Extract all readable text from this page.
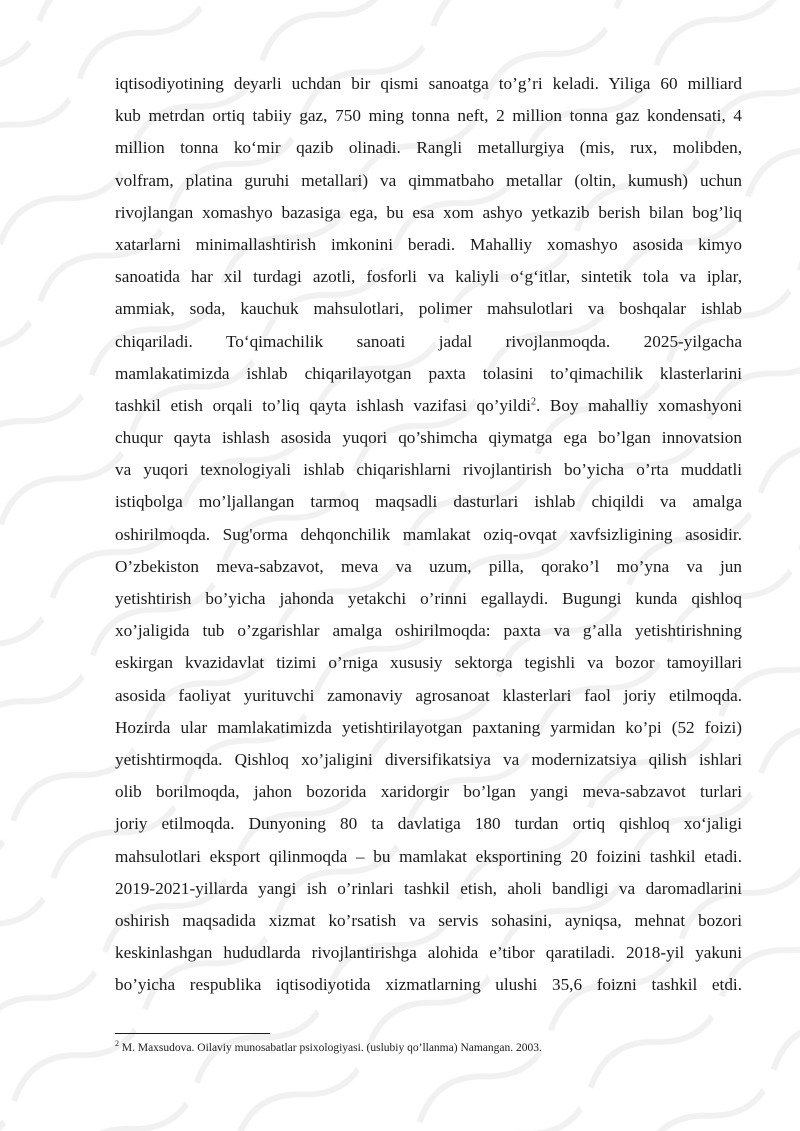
iqtisodiyotining deyarli uchdan bir qismi sanoatga to’g’ri keladi. Yiliga 60 milliard
kub metrdan ortiq tabiiy gaz, 750 ming tonna neft, 2 million tonna gaz kondensati, 4
million tonna ko‘mir qazib olinadi. Rangli metallurgiya (mis, rux, molibden,
volfram, platina guruhi metallari) va qimmatbaho metallar (oltin, kumush) uchun
rivojlangan xomashyo bazasiga ega, bu esa xom ashyo yetkazib berish bilan bog’liq
xatarlarni minimallashtirish imkonini beradi. Mahalliy xomashyo asosida kimyo
sanoatida har xil turdagi azotli, fosforli va kaliyli o‘g‘itlar, sintetik tola va iplar,
ammiak, soda, kauchuk mahsulotlari, polimer mahsulotlari va boshqalar ishlab
chiqariladi. To‘qimachilik sanoati jadal rivojlanmoqda. 2025-yilgacha
mamlakatimizda ishlab chiqarilayotgan paxta tolasini to’qimachilik klasterlarini
tashkil etish orqali to’liq qayta ishlash vazifasi qo’yildi$^2$. Boy mahalliy xomashyoni
chuqur qayta ishlash asosida yuqori qo’shimcha qiymatga ega bo’lgan innovatsion
va yuqori texnologiyali ishlab chiqarishlarni rivojlantirish bo’yicha o’rta muddatli
istiqbolga mo’ljallangan tarmoq maqsadli dasturlari ishlab chiqildi va amalga
oshirilmoqda. Sug'orma dehqonchilik mamlakat oziq-ovqat xavfsizligining asosidir.
O’zbekiston meva-sabzavot, meva va uzum, pilla, qorako’l mo’yna va jun
yetishtirish bo’yicha jahonda yetakchi o’rinni egallaydi. Bugungi kunda qishloq
xo’jaligida tub o’zgarishlar amalga oshirilmoqda: paxta va g’alla yetishtirishning
eskirgan kvazidavlat tizimi o’rniga xususiy sektorga tegishli va bozor tamoyillari
asosida faoliyat yurituvchi zamonaviy agrosanoat klasterlari faol joriy etilmoqda.
Hozirda ular mamlakatimizda yetishtirilayotgan paxtaning yarmidan ko’pi (52 foizi)
yetishtirmoqda. Qishloq xo’jaligini diversifikatsiya va modernizatsiya qilish ishlari
olib borilmoqda, jahon bozorida xaridorgir bo’lgan yangi meva-sabzavot turlari
joriy etilmoqda. Dunyoning 80 ta davlatiga 180 turdan ortiq qishloq xo‘jaligi
mahsulotlari eksport qilinmoqda – bu mamlakat eksportining 20 foizini tashkil etadi.
2019-2021-yillarda yangi ish o’rinlari tashkil etish, aholi bandligi va daromadlarini
oshirish maqsadida xizmat ko’rsatish va servis sohasini, ayniqsa, mehnat bozori
keskinlashgan hududlarda rivojlantirishga alohida e’tibor qaratiladi. 2018-yil yakuni
bo’yicha respublika iqtisodiyotida xizmatlarning ulushi 35,6 foizni tashkil etdi.
$^2$ M. Maxsudova. Oilaviy munosabatlar psixologiyasi. (uslubiy qo’llanma) Namangan. 2003.
